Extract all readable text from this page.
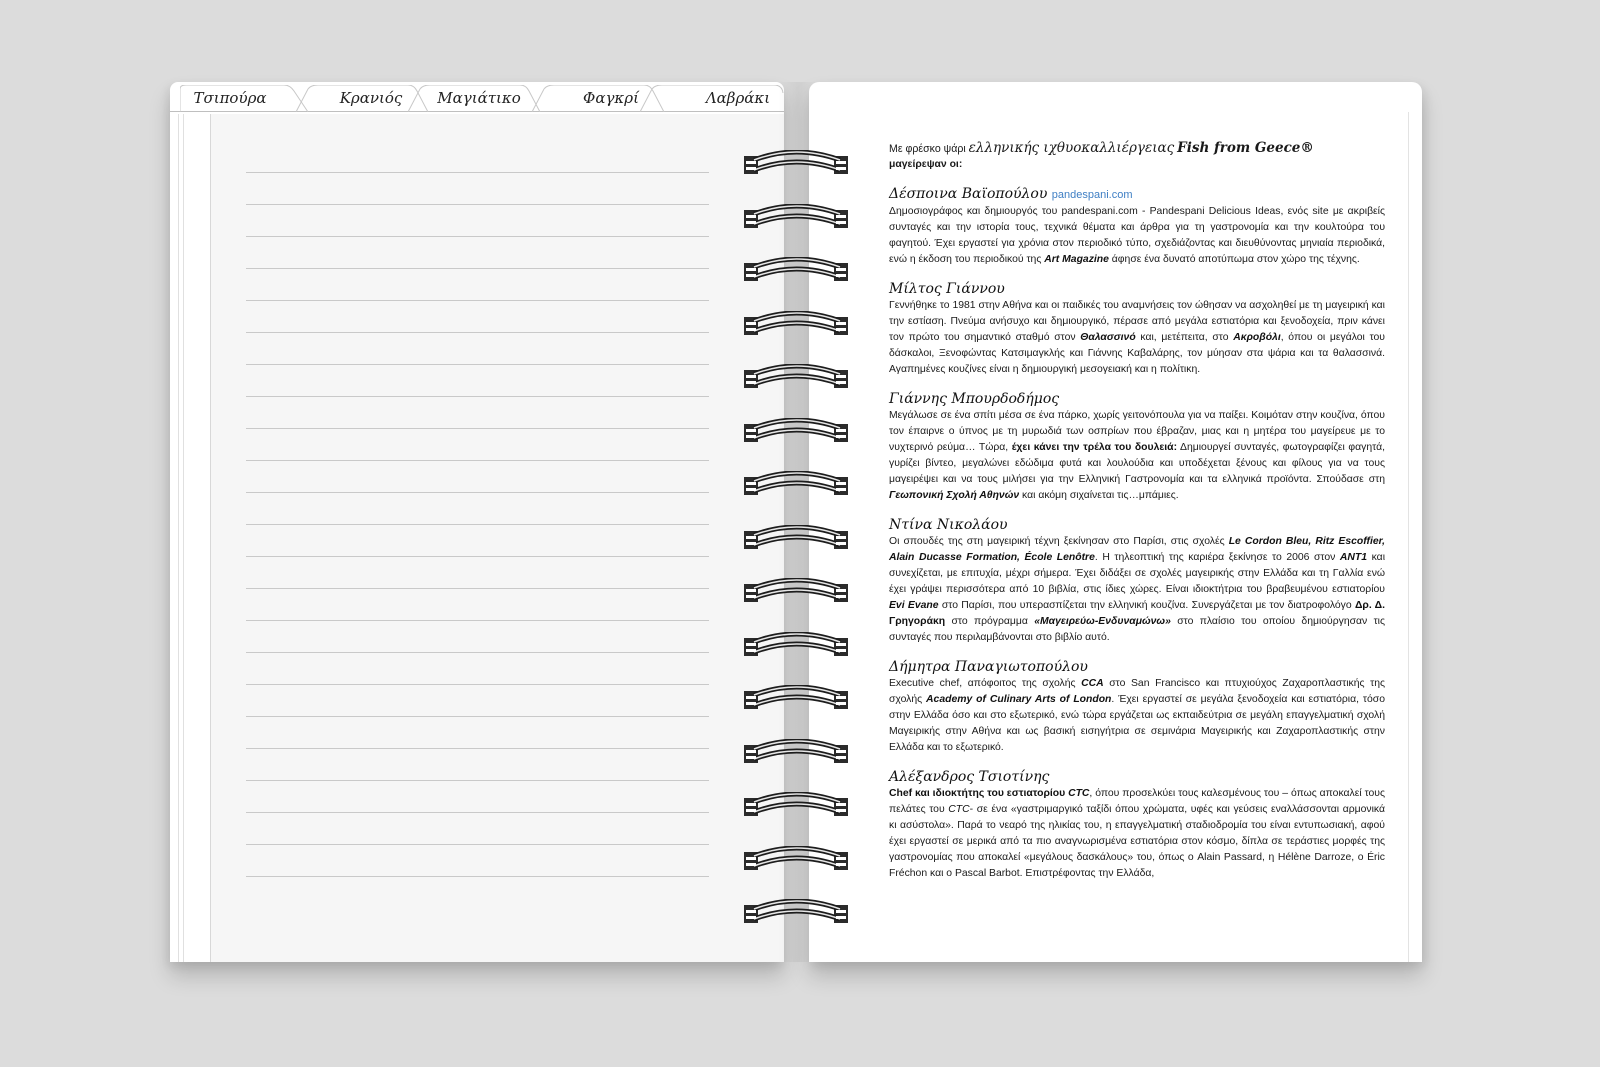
Τσιπούρα	Κρανιός	Μαγιάτικο	Φαγκρί	Λαβράκι
Με φρέσκο ψάρι ελληνικής ιχθυοκαλλιέργειας Fish from Geece®
μαγείρεψαν οι:
Δέσποινα Βαϊοπούλου pandespani.com

Δημοσιογράφος και δημιουργός του pandespani.com - Pandespani Delicious Ideas, ενός site με ακριβείς συνταγές και την ιστορία τους, τεχνικά θέματα και άρθρα για τη γαστρονομία και την κουλτούρα του φαγητού. Έχει εργαστεί για χρόνια στον περιοδικό τύπο, σχεδιάζοντας και διευθύνοντας μηνιαία περιοδικά, ενώ η έκδοση του περιοδικού της Art Magazine άφησε ένα δυνατό αποτύπωμα στον χώρο της τέχνης.

Μίλτος Γιάννου

Γεννήθηκε το 1981 στην Αθήνα και οι παιδικές του αναμνήσεις τον ώθησαν να ασχοληθεί με τη μαγειρική και την εστίαση. Πνεύμα ανήσυχο και δημιουργικό, πέρασε από μεγάλα εστιατόρια και ξενοδοχεία, πριν κάνει τον πρώτο του σημαντικό σταθμό στον Θαλασσινό και, μετέπειτα, στο Ακροβόλι, όπου οι μεγάλοι του δάσκαλοι, Ξενοφώντας Κατσιμαγκλής και Γιάννης Καβαλάρης, τον μύησαν στα ψάρια και τα θαλασσινά. Αγαπημένες κουζίνες είναι η δημιουργική μεσογειακή και η πολίτικη.

Γιάννης Μπουρδοδήμος

Μεγάλωσε σε ένα σπίτι μέσα σε ένα πάρκο, χωρίς γειτονόπουλα για να παίξει. Κοιμόταν στην κουζίνα, όπου τον έπαιρνε ο ύπνος με τη μυρωδιά των οσπρίων που έβραζαν, μιας και η μητέρα του μαγείρευε με το νυχτερινό ρεύμα… Τώρα, έχει κάνει την τρέλα του δουλειά: Δημιουργεί συνταγές, φωτογραφίζει φαγητά, γυρίζει βίντεο, μεγαλώνει εδώδιμα φυτά και λουλούδια και υποδέχεται ξένους και φίλους για να τους μαγειρέψει και να τους μιλήσει για την Ελληνική Γαστρονομία και τα ελληνικά προϊόντα. Σπούδασε στη Γεωπονική Σχολή Αθηνών και ακόμη σιχαίνεται τις…μπάμιες.

Ντίνα Νικολάου

Οι σπουδές της στη μαγειρική τέχνη ξεκίνησαν στο Παρίσι, στις σχολές Le Cordon Bleu, Ritz Escoffier, Alain Ducasse Formation, École Lenôtre. Η τηλεοπτική της καριέρα ξεκίνησε το 2006 στον ANT1 και συνεχίζεται, με επιτυχία, μέχρι σήμερα. Έχει διδάξει σε σχολές μαγειρικής στην Ελλάδα και τη Γαλλία ενώ έχει γράψει περισσότερα από 10 βιβλία, στις ίδιες χώρες. Είναι ιδιοκτήτρια του βραβευμένου εστιατορίου Evi Evane στο Παρίσι, που υπερασπίζεται την ελληνική κουζίνα. Συνεργάζεται με τον διατροφολόγο Δρ. Δ. Γρηγοράκη στο πρόγραμμα «Μαγειρεύω-Ενδυναμώνω» στο πλαίσιο του οποίου δημιούργησαν τις συνταγές που περιλαμβάνονται στο βιβλίο αυτό.

Δήμητρα Παναγιωτοπούλου

Executive chef, απόφοιτος της σχολής CCA στο San Francisco και πτυχιούχος Ζαχαροπλαστικής της σχολής Academy of Culinary Arts of London. Έχει εργαστεί σε μεγάλα ξενοδοχεία και εστιατόρια, τόσο στην Ελλάδα όσο και στο εξωτερικό, ενώ τώρα εργάζεται ως εκπαιδεύτρια σε μεγάλη επαγγελματική σχολή Μαγειρικής στην Αθήνα και ως βασική εισηγήτρια σε σεμινάρια Μαγειρικής και Ζαχαροπλαστικής στην Ελλάδα και το εξωτερικό.

Αλέξανδρος Τσιοτίνης

Chef και ιδιοκτήτης του εστιατορίου CTC, όπου προσελκύει τους καλεσμένους του – όπως αποκαλεί τους πελάτες του CTC- σε ένα «γαστριμαργικό ταξίδι όπου χρώματα, υφές και γεύσεις εναλλάσσονται αρμονικά κι ασύστολα». Παρά το νεαρό της ηλικίας του, η επαγγελματική σταδιοδρομία του είναι εντυπωσιακή, αφού έχει εργαστεί σε μερικά από τα πιο αναγνωρισμένα εστιατόρια στον κόσμο, δίπλα σε τεράστιες μορφές της γαστρονομίας που αποκαλεί «μεγάλους δασκάλους» του, όπως ο Alain Passard, η Hélène Darroze, ο Éric Fréchon και ο Pascal Barbot. Επιστρέφοντας την Ελλάδα,
